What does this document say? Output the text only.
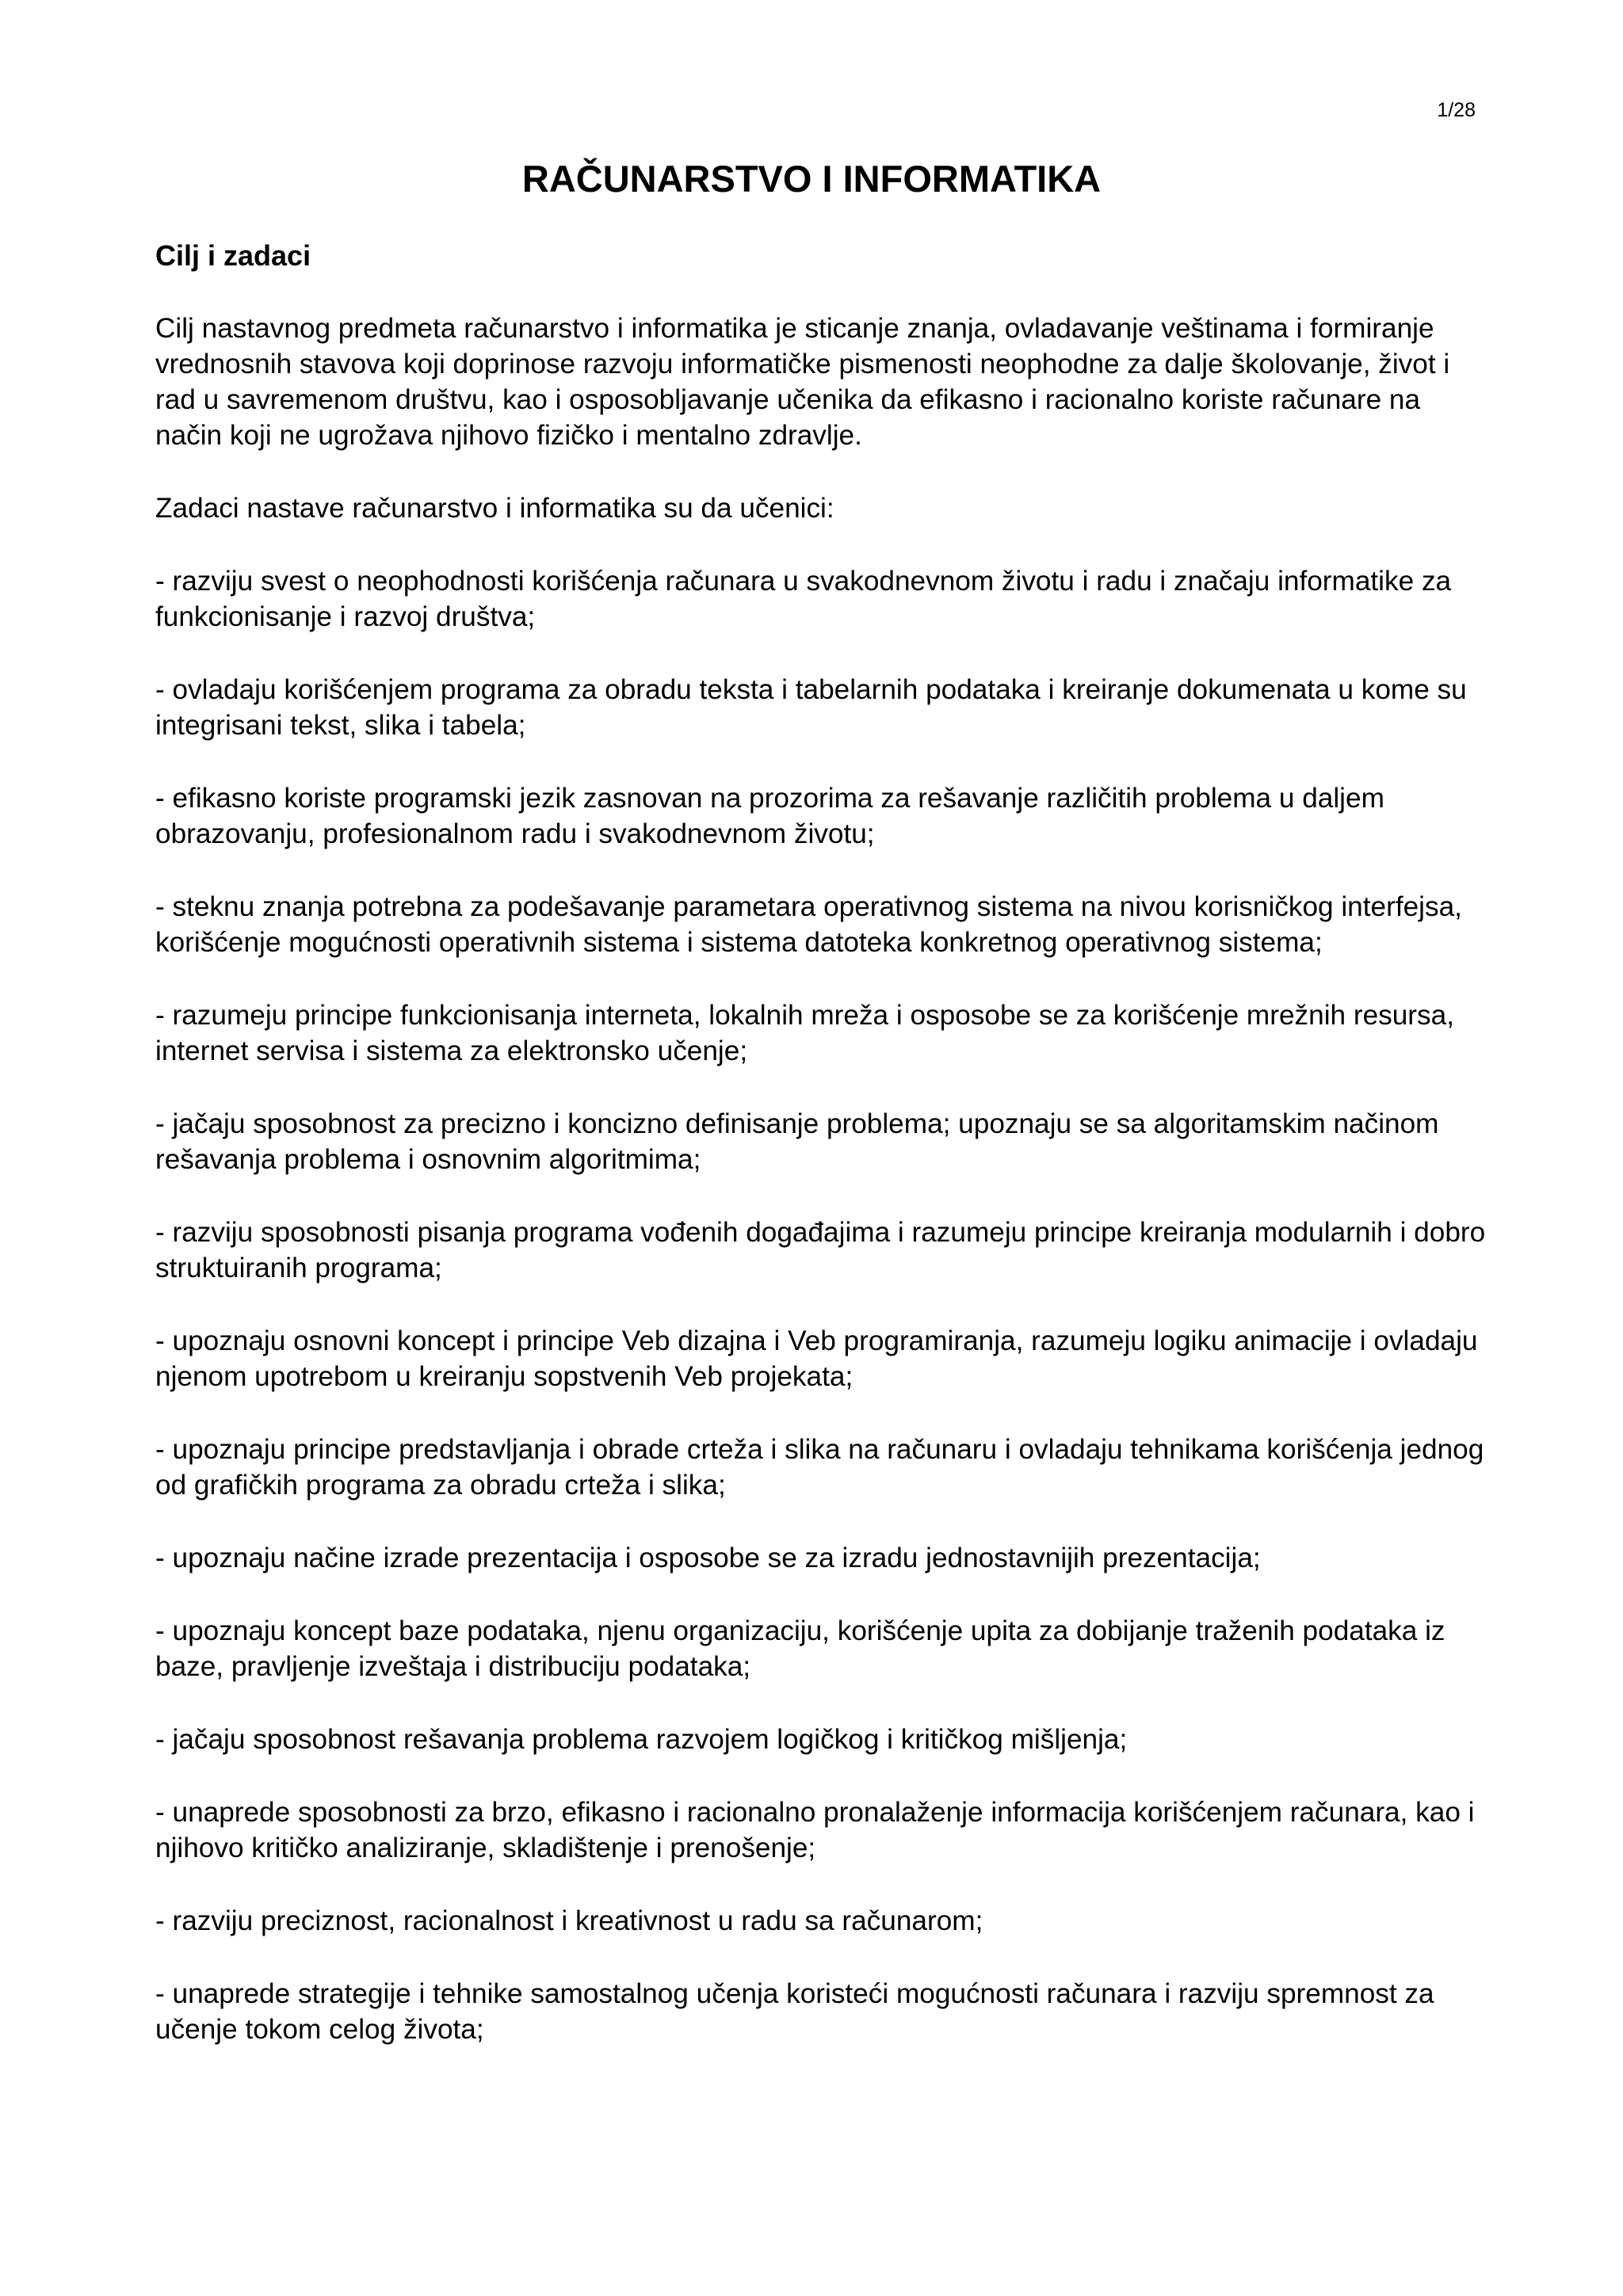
1/28
RAČUNARSTVO I INFORMATIKA
Cilj i zadaci

Cilj nastavnog predmeta računarstvo i informatika je sticanje znanja, ovladavanje veštinama i formiranje vrednosnih stavova koji doprinose razvoju informatičke pismenosti neophodne za dalje školovanje, život i rad u savremenom društvu, kao i osposobljavanje učenika da efikasno i racionalno koriste računare na način koji ne ugrožava njihovo fizičko i mentalno zdravlje.

Zadaci nastave računarstvo i informatika su da učenici:

- razviju svest o neophodnosti korišćenja računara u svakodnevnom životu i radu i značaju informatike za funkcionisanje i razvoj društva;

- ovladaju korišćenjem programa za obradu teksta i tabelarnih podataka i kreiranje dokumenata u kome su integrisani tekst, slika i tabela;

- efikasno koriste programski jezik zasnovan na prozorima za rešavanje različitih problema u daljem obrazovanju, profesionalnom radu i svakodnevnom životu;

- steknu znanja potrebna za podešavanje parametara operativnog sistema na nivou korisničkog interfejsa, korišćenje mogućnosti operativnih sistema i sistema datoteka konkretnog operativnog sistema;

- razumeju principe funkcionisanja interneta, lokalnih mreža i osposobe se za korišćenje mrežnih resursa, internet servisa i sistema za elektronsko učenje;

- jačaju sposobnost za precizno i koncizno definisanje problema; upoznaju se sa algoritamskim načinom rešavanja problema i osnovnim algoritmima;

- razviju sposobnosti pisanja programa vođenih događajima i razumeju principe kreiranja modularnih i dobro struktuiranih programa;

- upoznaju osnovni koncept i principe Veb dizajna i Veb programiranja, razumeju logiku animacije i ovladaju njenom upotrebom u kreiranju sopstvenih Veb projekata;

- upoznaju principe predstavljanja i obrade crteža i slika na računaru i ovladaju tehnikama korišćenja jednog od grafičkih programa za obradu crteža i slika;

- upoznaju načine izrade prezentacija i osposobe se za izradu jednostavnijih prezentacija;

- upoznaju koncept baze podataka, njenu organizaciju, korišćenje upita za dobijanje traženih podataka iz baze, pravljenje izveštaja i distribuciju podataka;

- jačaju sposobnost rešavanja problema razvojem logičkog i kritičkog mišljenja;

- unaprede sposobnosti za brzo, efikasno i racionalno pronalaženje informacija korišćenjem računara, kao i njihovo kritičko analiziranje, skladištenje i prenošenje;

- razviju preciznost, racionalnost i kreativnost u radu sa računarom;

- unaprede strategije i tehnike samostalnog učenja koristeći mogućnosti računara i razviju spremnost za učenje tokom celog života;
